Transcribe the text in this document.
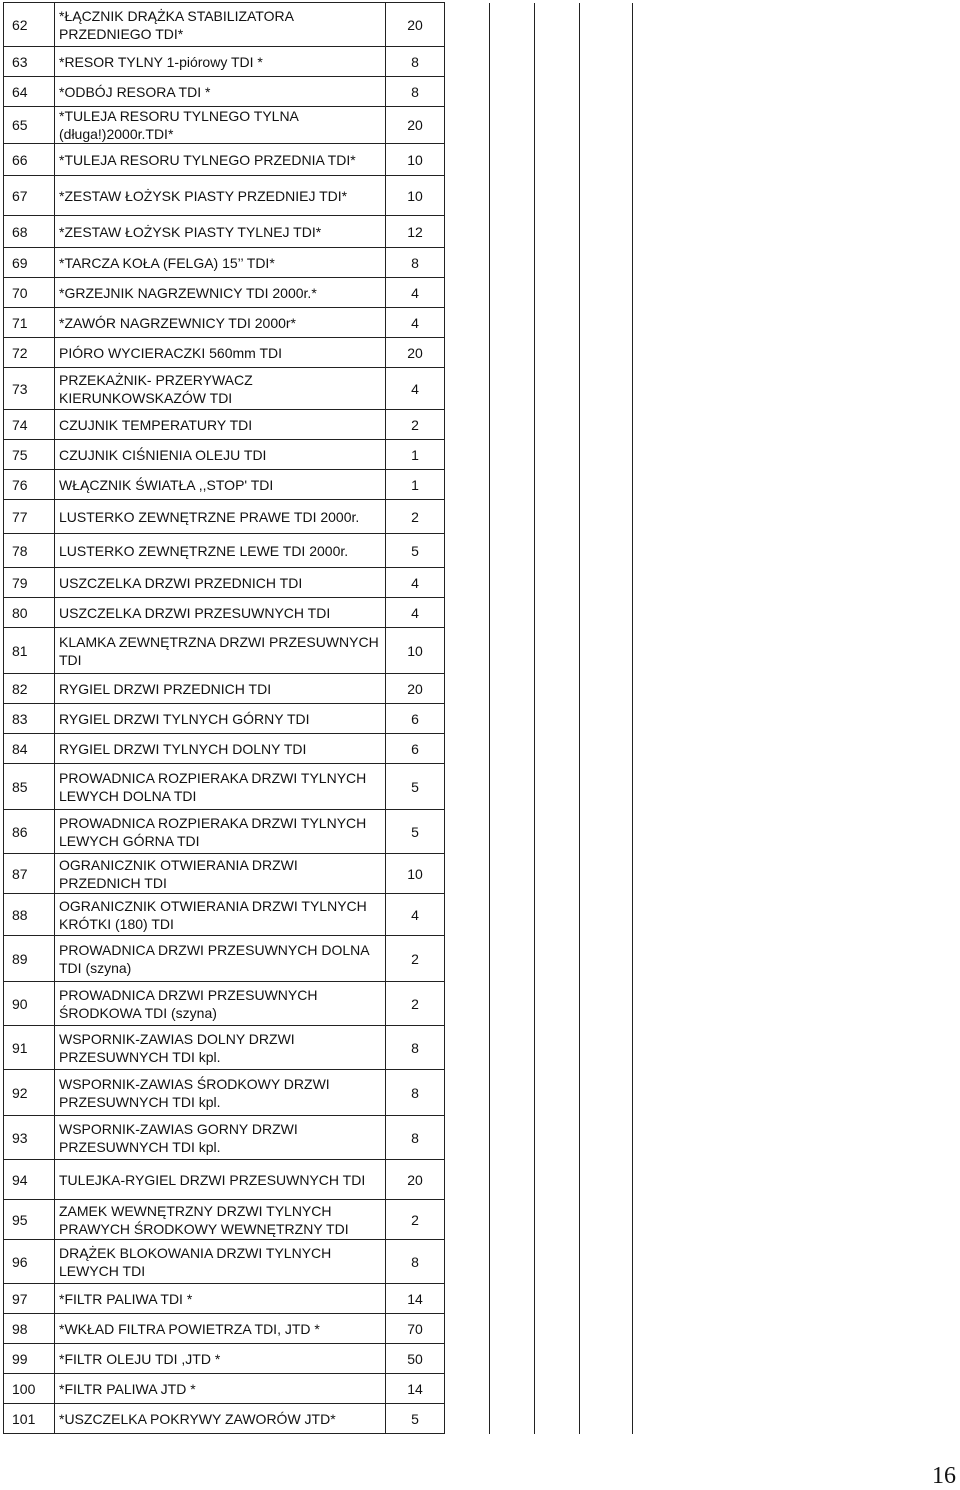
62	*ŁĄCZNIK DRĄŻKA STABILIZATORA PRZEDNIEGO TDI*	20				
63	*RESOR TYLNY 1-piórowy TDI *	8				
64	*ODBÓJ RESORA TDI *	8				
65	*TULEJA RESORU TYLNEGO TYLNA (długa!)2000r.TDI*	20				
66	*TULEJA RESORU TYLNEGO PRZEDNIA TDI*	10				
67	*ZESTAW ŁOŻYSK PIASTY PRZEDNIEJ TDI*	10				
68	*ZESTAW ŁOŻYSK PIASTY TYLNEJ TDI*	12				
69	*TARCZA KOŁA (FELGA) 15’’ TDI*	8				
70	*GRZEJNIK NAGRZEWNICY TDI 2000r.*	4				
71	*ZAWÓR NAGRZEWNICY TDI 2000r*	4				
72	PIÓRO WYCIERACZKI 560mm TDI	20				
73	PRZEKAŻNIK- PRZERYWACZ KIERUNKOWSKAZÓW TDI	4				
74	CZUJNIK TEMPERATURY TDI	2				
75	CZUJNIK CIŚNIENIA OLEJU TDI	1				
76	WŁĄCZNIK ŚWIATŁA ,,STOP' TDI	1				
77	LUSTERKO ZEWNĘTRZNE PRAWE TDI 2000r.	2				
78	LUSTERKO ZEWNĘTRZNE LEWE TDI 2000r.	5				
79	USZCZELKA DRZWI PRZEDNICH TDI	4				
80	USZCZELKA DRZWI PRZESUWNYCH TDI	4				
81	KLAMKA ZEWNĘTRZNA DRZWI PRZESUWNYCH TDI	10				
82	RYGIEL DRZWI PRZEDNICH TDI	20				
83	RYGIEL DRZWI TYLNYCH GÓRNY TDI	6				
84	RYGIEL DRZWI TYLNYCH DOLNY TDI	6				
85	PROWADNICA ROZPIERAKA DRZWI TYLNYCH LEWYCH DOLNA TDI	5				
86	PROWADNICA ROZPIERAKA DRZWI TYLNYCH LEWYCH GÓRNA TDI	5				
87	OGRANICZNIK OTWIERANIA DRZWI PRZEDNICH TDI	10				
88	OGRANICZNIK OTWIERANIA DRZWI TYLNYCH KRÓTKI (180) TDI	4				
89	PROWADNICA DRZWI PRZESUWNYCH DOLNA TDI (szyna)	2				
90	PROWADNICA DRZWI PRZESUWNYCH ŚRODKOWA TDI (szyna)	2				
91	WSPORNIK-ZAWIAS DOLNY DRZWI PRZESUWNYCH TDI kpl.	8				
92	WSPORNIK-ZAWIAS ŚRODKOWY DRZWI PRZESUWNYCH TDI kpl.	8				
93	WSPORNIK-ZAWIAS GORNY DRZWI PRZESUWNYCH TDI kpl.	8				
94	TULEJKA-RYGIEL DRZWI PRZESUWNYCH TDI	20				
95	ZAMEK WEWNĘTRZNY DRZWI TYLNYCH PRAWYCH ŚRODKOWY WEWNĘTRZNY TDI	2				
96	DRĄŻEK BLOKOWANIA DRZWI TYLNYCH LEWYCH TDI	8				
97	*FILTR PALIWA TDI *	14				
98	*WKŁAD FILTRA POWIETRZA TDI, JTD *	70				
99	*FILTR OLEJU TDI ,JTD *	50				
100	*FILTR PALIWA JTD *	14				
101	*USZCZELKA POKRYWY ZAWORÓW JTD*	5				
16
